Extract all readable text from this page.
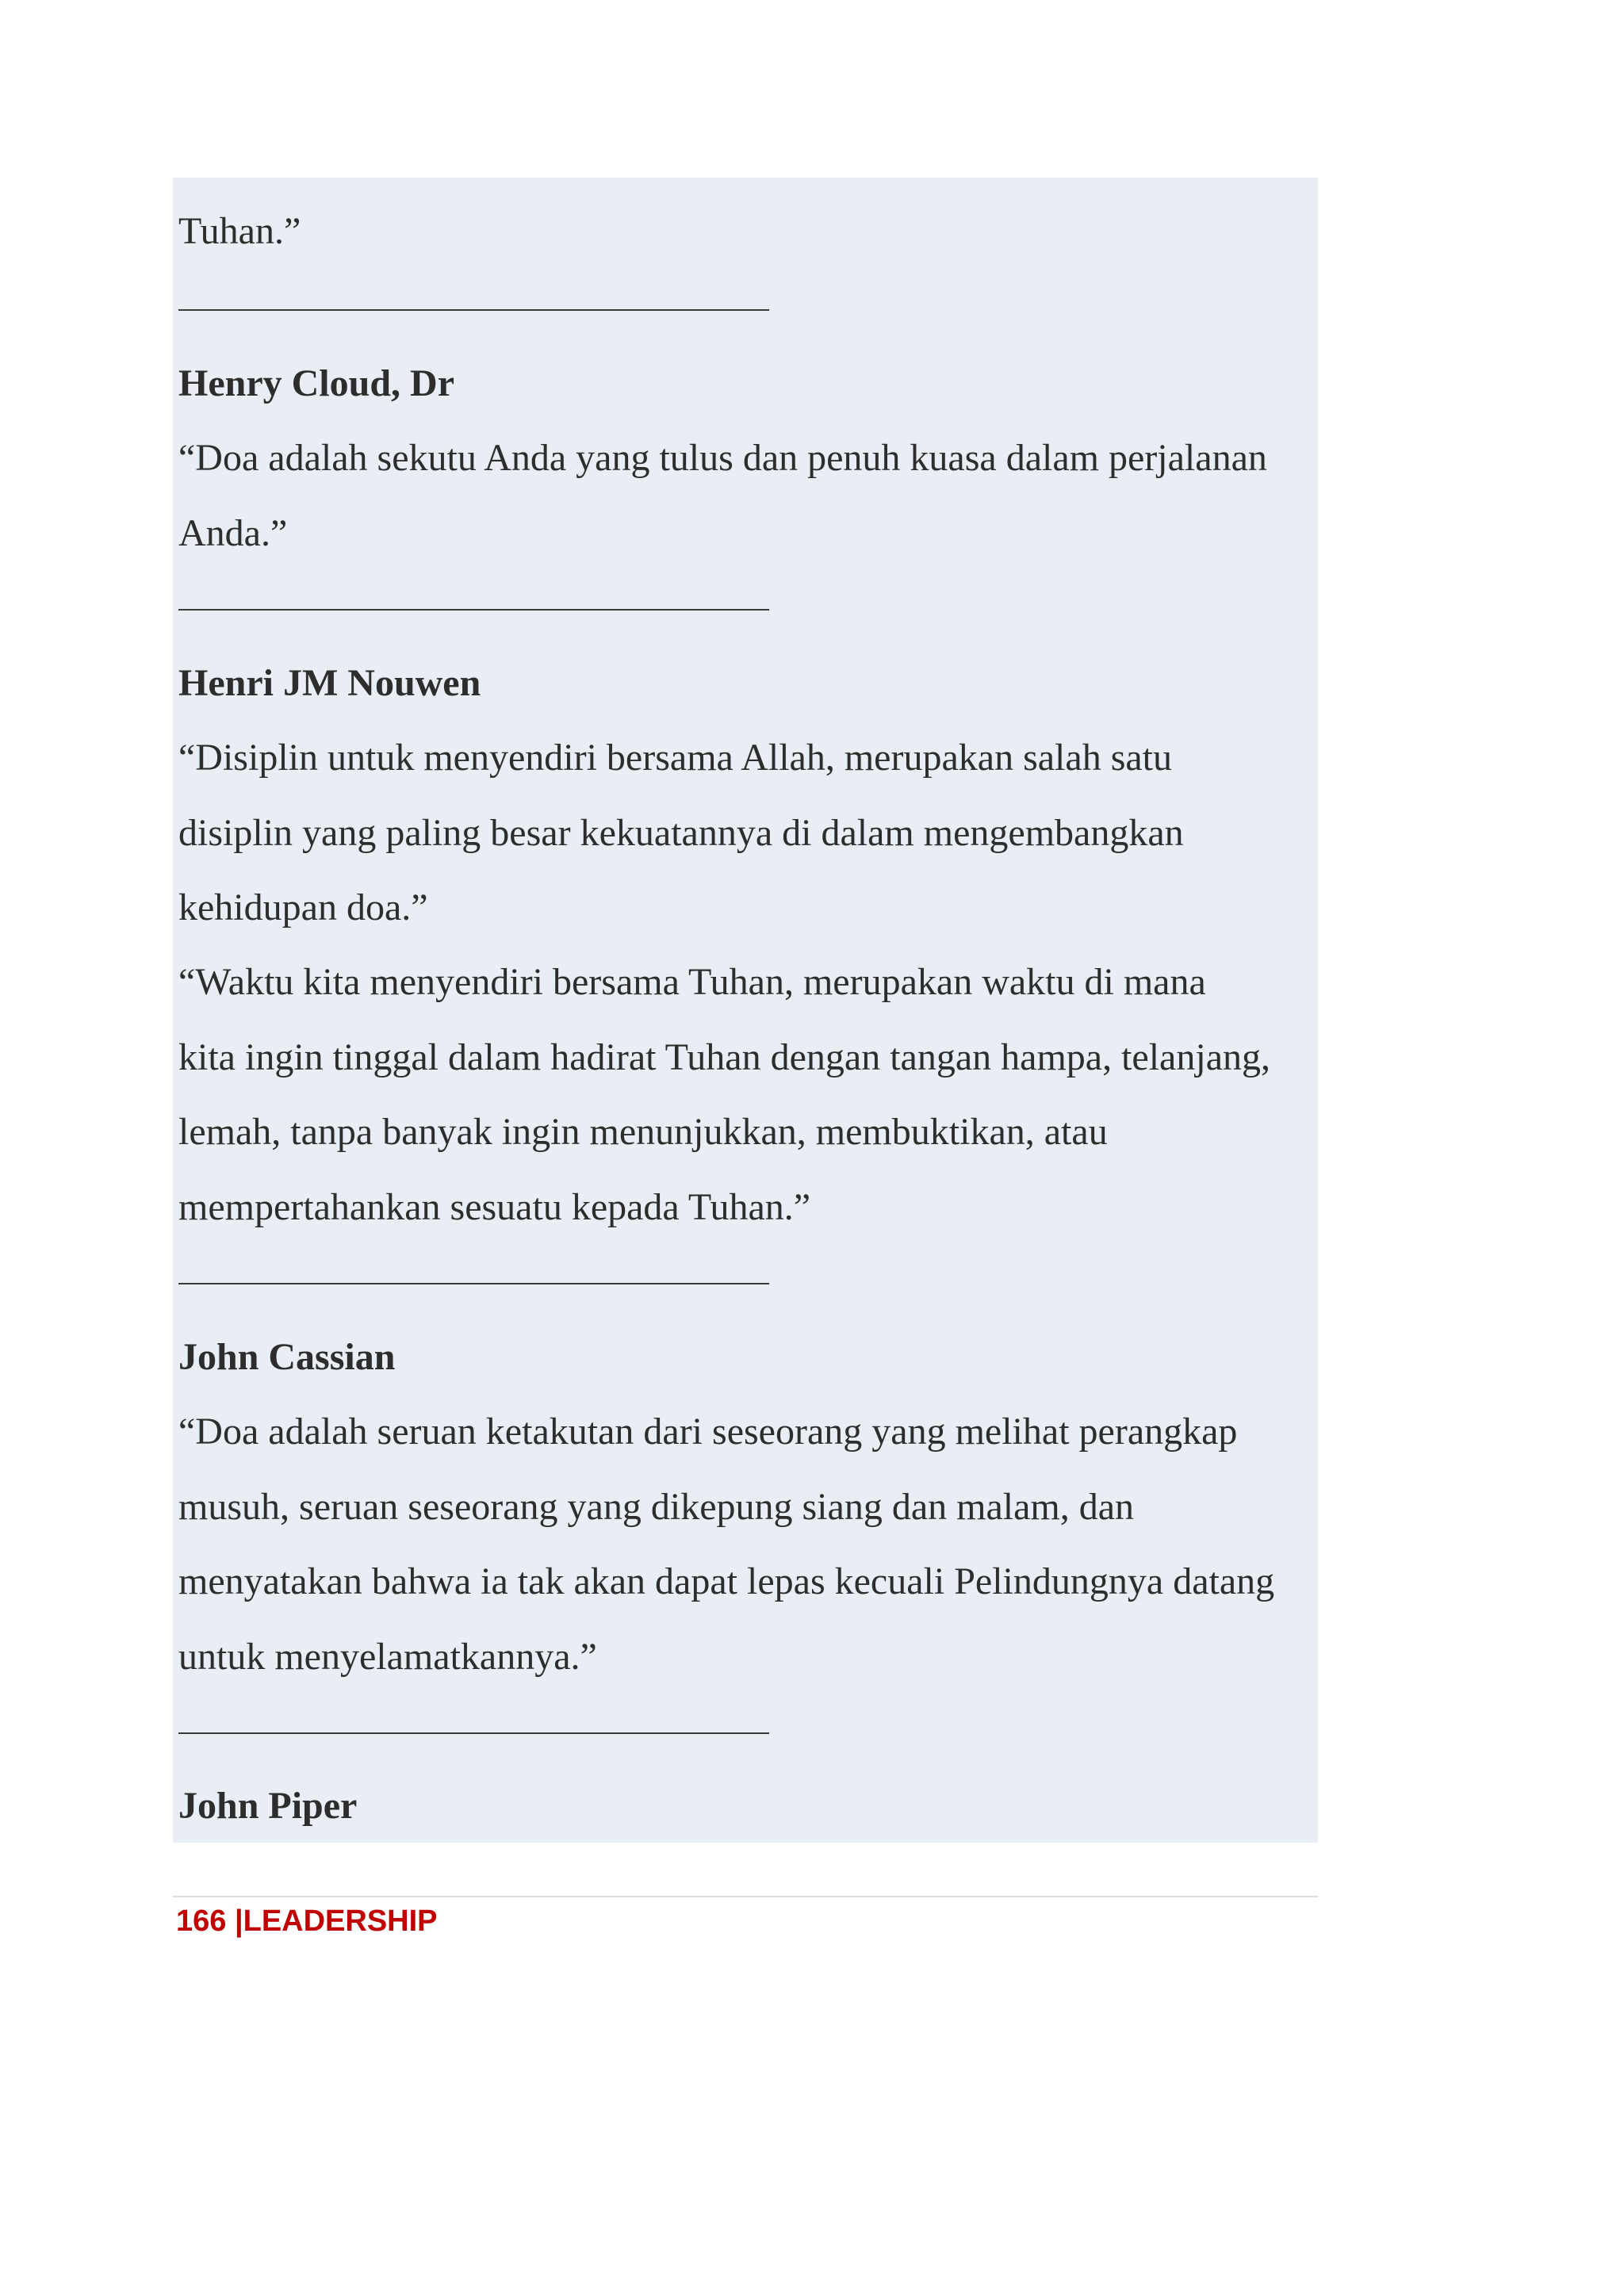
Tuhan.”
Henry Cloud, Dr
“Doa adalah sekutu Anda yang tulus dan penuh kuasa dalam perjalanan
Anda.”
Henri JM Nouwen
“Disiplin untuk menyendiri bersama Allah, merupakan salah satu
disiplin yang paling besar kekuatannya di dalam mengembangkan
kehidupan doa.”
“Waktu kita menyendiri bersama Tuhan, merupakan waktu di mana
kita ingin tinggal dalam hadirat Tuhan dengan tangan hampa, telanjang,
lemah, tanpa banyak ingin menunjukkan, membuktikan, atau
mempertahankan sesuatu kepada Tuhan.”
John Cassian
“Doa adalah seruan ketakutan dari seseorang yang melihat perangkap
musuh, seruan seseorang yang dikepung siang dan malam, dan
menyatakan bahwa ia tak akan dapat lepas kecuali Pelindungnya datang
untuk menyelamatkannya.”
John Piper
166 |LEADERSHIP
